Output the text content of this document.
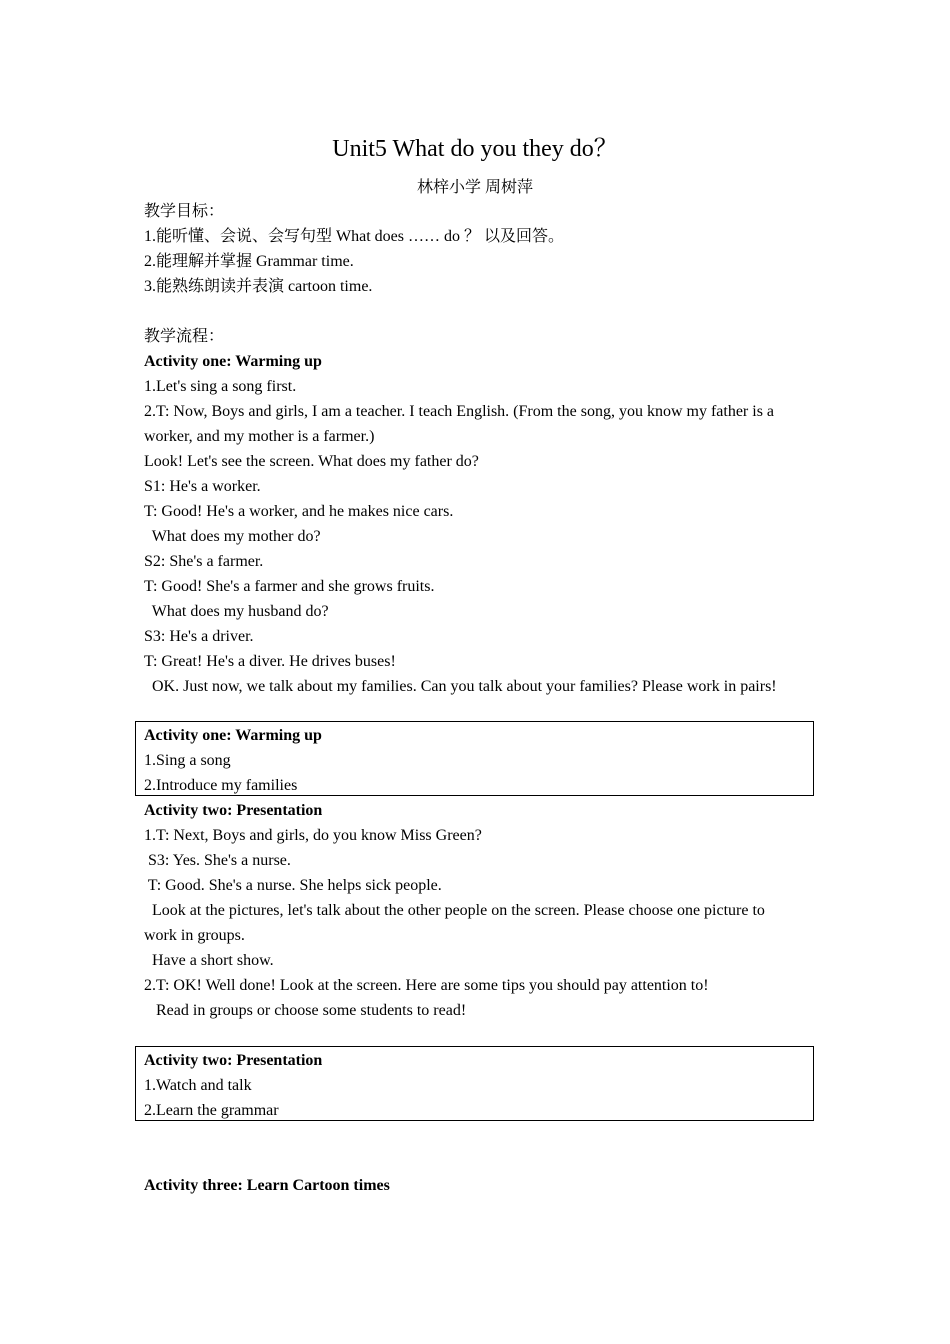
Unit5 What do you they do？
林梓小学 周树萍
教学目标：
1.能听懂、会说、会写句型 What does …… do ？ 以及回答。
2.能理解并掌握 Grammar time.
3.能熟练朗读并表演 cartoon time.
教学流程：
Activity one: Warming up
1.Let's sing a song first.
2.T: Now, Boys and girls, I am a teacher. I teach English. (From the song, you know my father is a
worker, and my mother is a farmer.)
Look! Let's see the screen. What does my father do?
S1: He's a worker.
T: Good! He's a worker, and he makes nice cars.
What does my mother do?
S2: She's a farmer.
T: Good! She's a farmer and she grows fruits.
What does my husband do?
S3: He's a driver.
T: Great! He's a diver. He drives buses!
OK. Just now, we talk about my families. Can you talk about your families? Please work in pairs!
Activity one: Warming up
1.Sing a song
2.Introduce my families
Activity two: Presentation
1.T: Next, Boys and girls, do you know Miss Green?
S3: Yes. She's a nurse.
T: Good. She's a nurse. She helps sick people.
Look at the pictures, let's talk about the other people on the screen. Please choose one picture to
work in groups.
Have a short show.
2.T: OK! Well done! Look at the screen. Here are some tips you should pay attention to!
Read in groups or choose some students to read!
Activity two: Presentation
1.Watch and talk
2.Learn the grammar
Activity three: Learn Cartoon times
